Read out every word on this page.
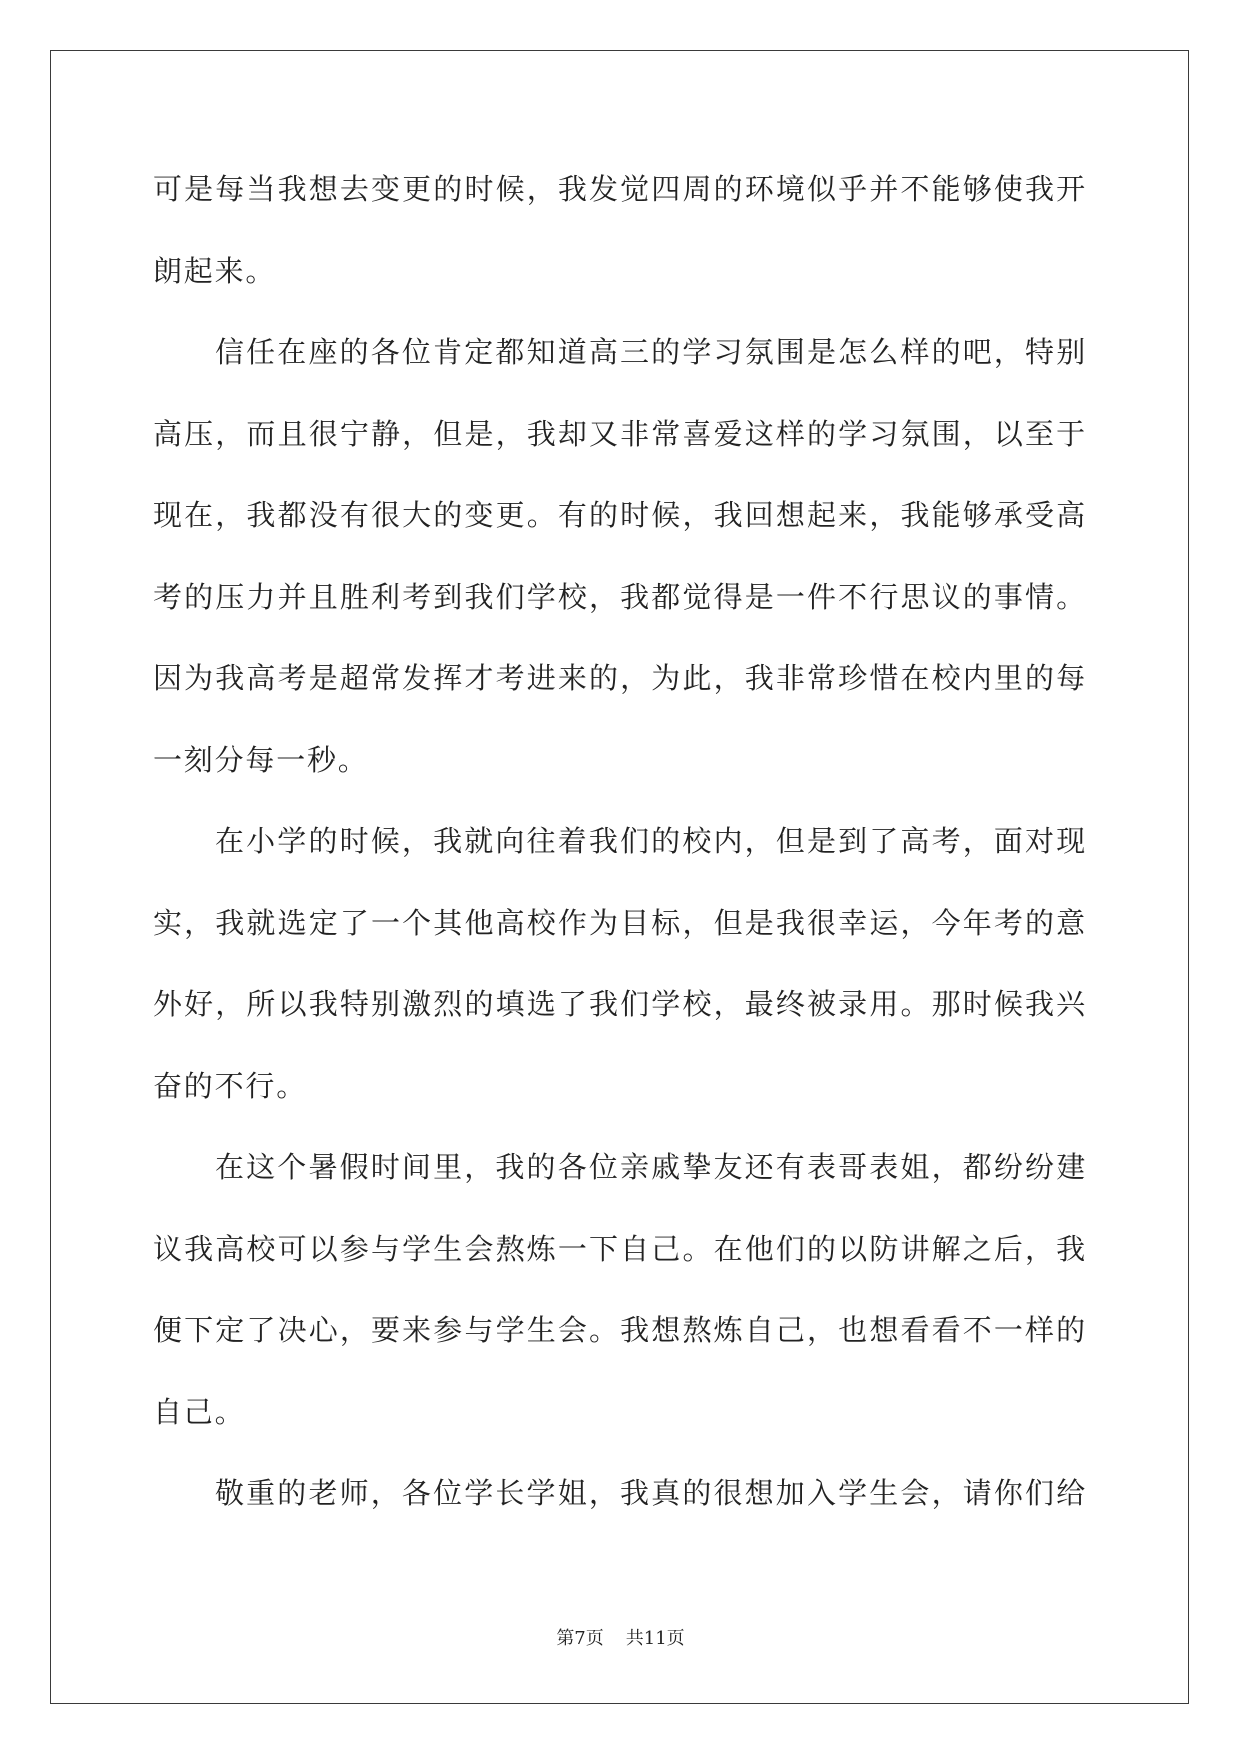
可是每当我想去变更的时候，我发觉四周的环境似乎并不能够使我开
朗起来。
信任在座的各位肯定都知道高三的学习氛围是怎么样的吧，特别
高压，而且很宁静，但是，我却又非常喜爱这样的学习氛围，以至于
现在，我都没有很大的变更。有的时候，我回想起来，我能够承受高
考的压力并且胜利考到我们学校，我都觉得是一件不行思议的事情。
因为我高考是超常发挥才考进来的，为此，我非常珍惜在校内里的每
一刻分每一秒。
在小学的时候，我就向往着我们的校内，但是到了高考，面对现
实，我就选定了一个其他高校作为目标，但是我很幸运，今年考的意
外好，所以我特别激烈的填选了我们学校，最终被录用。那时候我兴
奋的不行。
在这个暑假时间里，我的各位亲戚挚友还有表哥表姐，都纷纷建
议我高校可以参与学生会熬炼一下自己。在他们的以防讲解之后，我
便下定了决心，要来参与学生会。我想熬炼自己，也想看看不一样的
自己。
敬重的老师，各位学长学姐，我真的很想加入学生会，请你们给
第7页 共11页
